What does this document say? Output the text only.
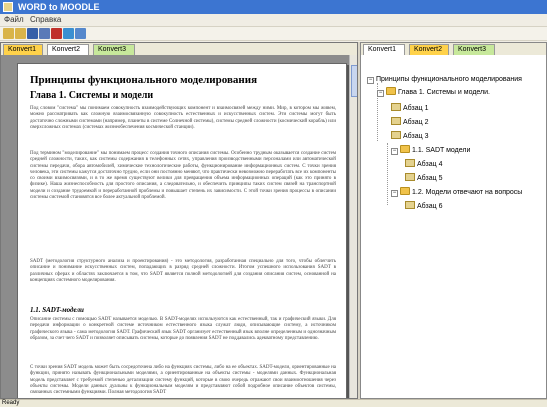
WORD to MOODLE
Файл Справка
Konvert1	Konvert2	Konvert3
Принципы функционального моделирования
Глава 1. Системы и модели

Под словом "система" мы понимаем совокупность взаимодействующих компонент и взаимосвязей между ними. Мир, в котором мы живем, можно рассматривать как сложную взаимосвязанную совокупность естественных и искусственных систем. Эти системы могут быть достаточно сложными системами (например, планеты в системе Солнечной системы), системы средней сложности (космический корабль) или сверхсложных системах (системах жизнеобеспечения космической станции).

Под термином "моделирование" мы понимаем процесс создания точного описания системы. Особенно трудным оказывается создание систем средней сложности, таких, как системы содержания в телефонных сетях, управления производственными персоналами или автоматической системы передачи, обора автомобилей, химические технологические работы, функционирование информационных систем. С точки зрения человека, эти системы кажутся достаточно трудно, если они постоянно меняют, что практически невозможно переработать все их компоненты со своими взаимосвязями, и в то же время существуют велики для превращения объема информационных операций (как это принято в физике). Наша жизнеспособность для простого описания, а следовательно, и обеспечить принципы таких систем связей на транспортной модели и создание трудоемкой и переработанной проблемы и повышает степень их зависимости. С этой точки зрения процессы в описании системы системой становятся все более актуальной проблемой.

SADT (методология структурного анализа и проектирования) - это методология, разработанная специально для того, чтобы облегчить описание и понимание искусственных систем, попадающих в разряд средней сложности. Итогом успешного использования SADT в различных сферах и областях заключается в том, что SADT является полной методологией для создания описания систем, основанной на концепциях системного моделирования.

1.1. SADT-модели

Описание системы с помощью SADT называется моделью. В SADT-моделях используются как естественный, так и графический языки. Для передачи информации о конкретной системе источником естественного языка служат люди, описывающие систему, а источником графического языка - сама методология SADT. Графический язык SADT организует естественный язык вполне определенным и однозначным образом, за счет чего SADT и позволяет описывать системы, которые до появления SADT не поддавались адекватному представлению.

С точки зрения SADT модель может быть сосредоточена либо на функциях системы, либо на ее объектах. SADT-модели, ориентированные на функции, принято называть функциональными моделями, а ориентированные на объекты системы - моделями данных. Функциональная модель представляет с требуемой степенью детализации систему функций, которые в свою очередь отражают свои взаимоотношения через объекты системы. Модели данных дуальны к функциональным моделям и представляют собой подробное описание объектов системы, связанных системными функциями. Полная методология SADT

Konvert1	Konvert2	Konvert3
− Принципы функционального моделирования
− Глава 1. Системы и модели.
Абзац 1
Абзац 2
Абзац 3
− 1.1. SADT модели
Абзац 4
Абзац 5
− 1.2. Модели отвечают на вопросы
Абзац 6
Ready
